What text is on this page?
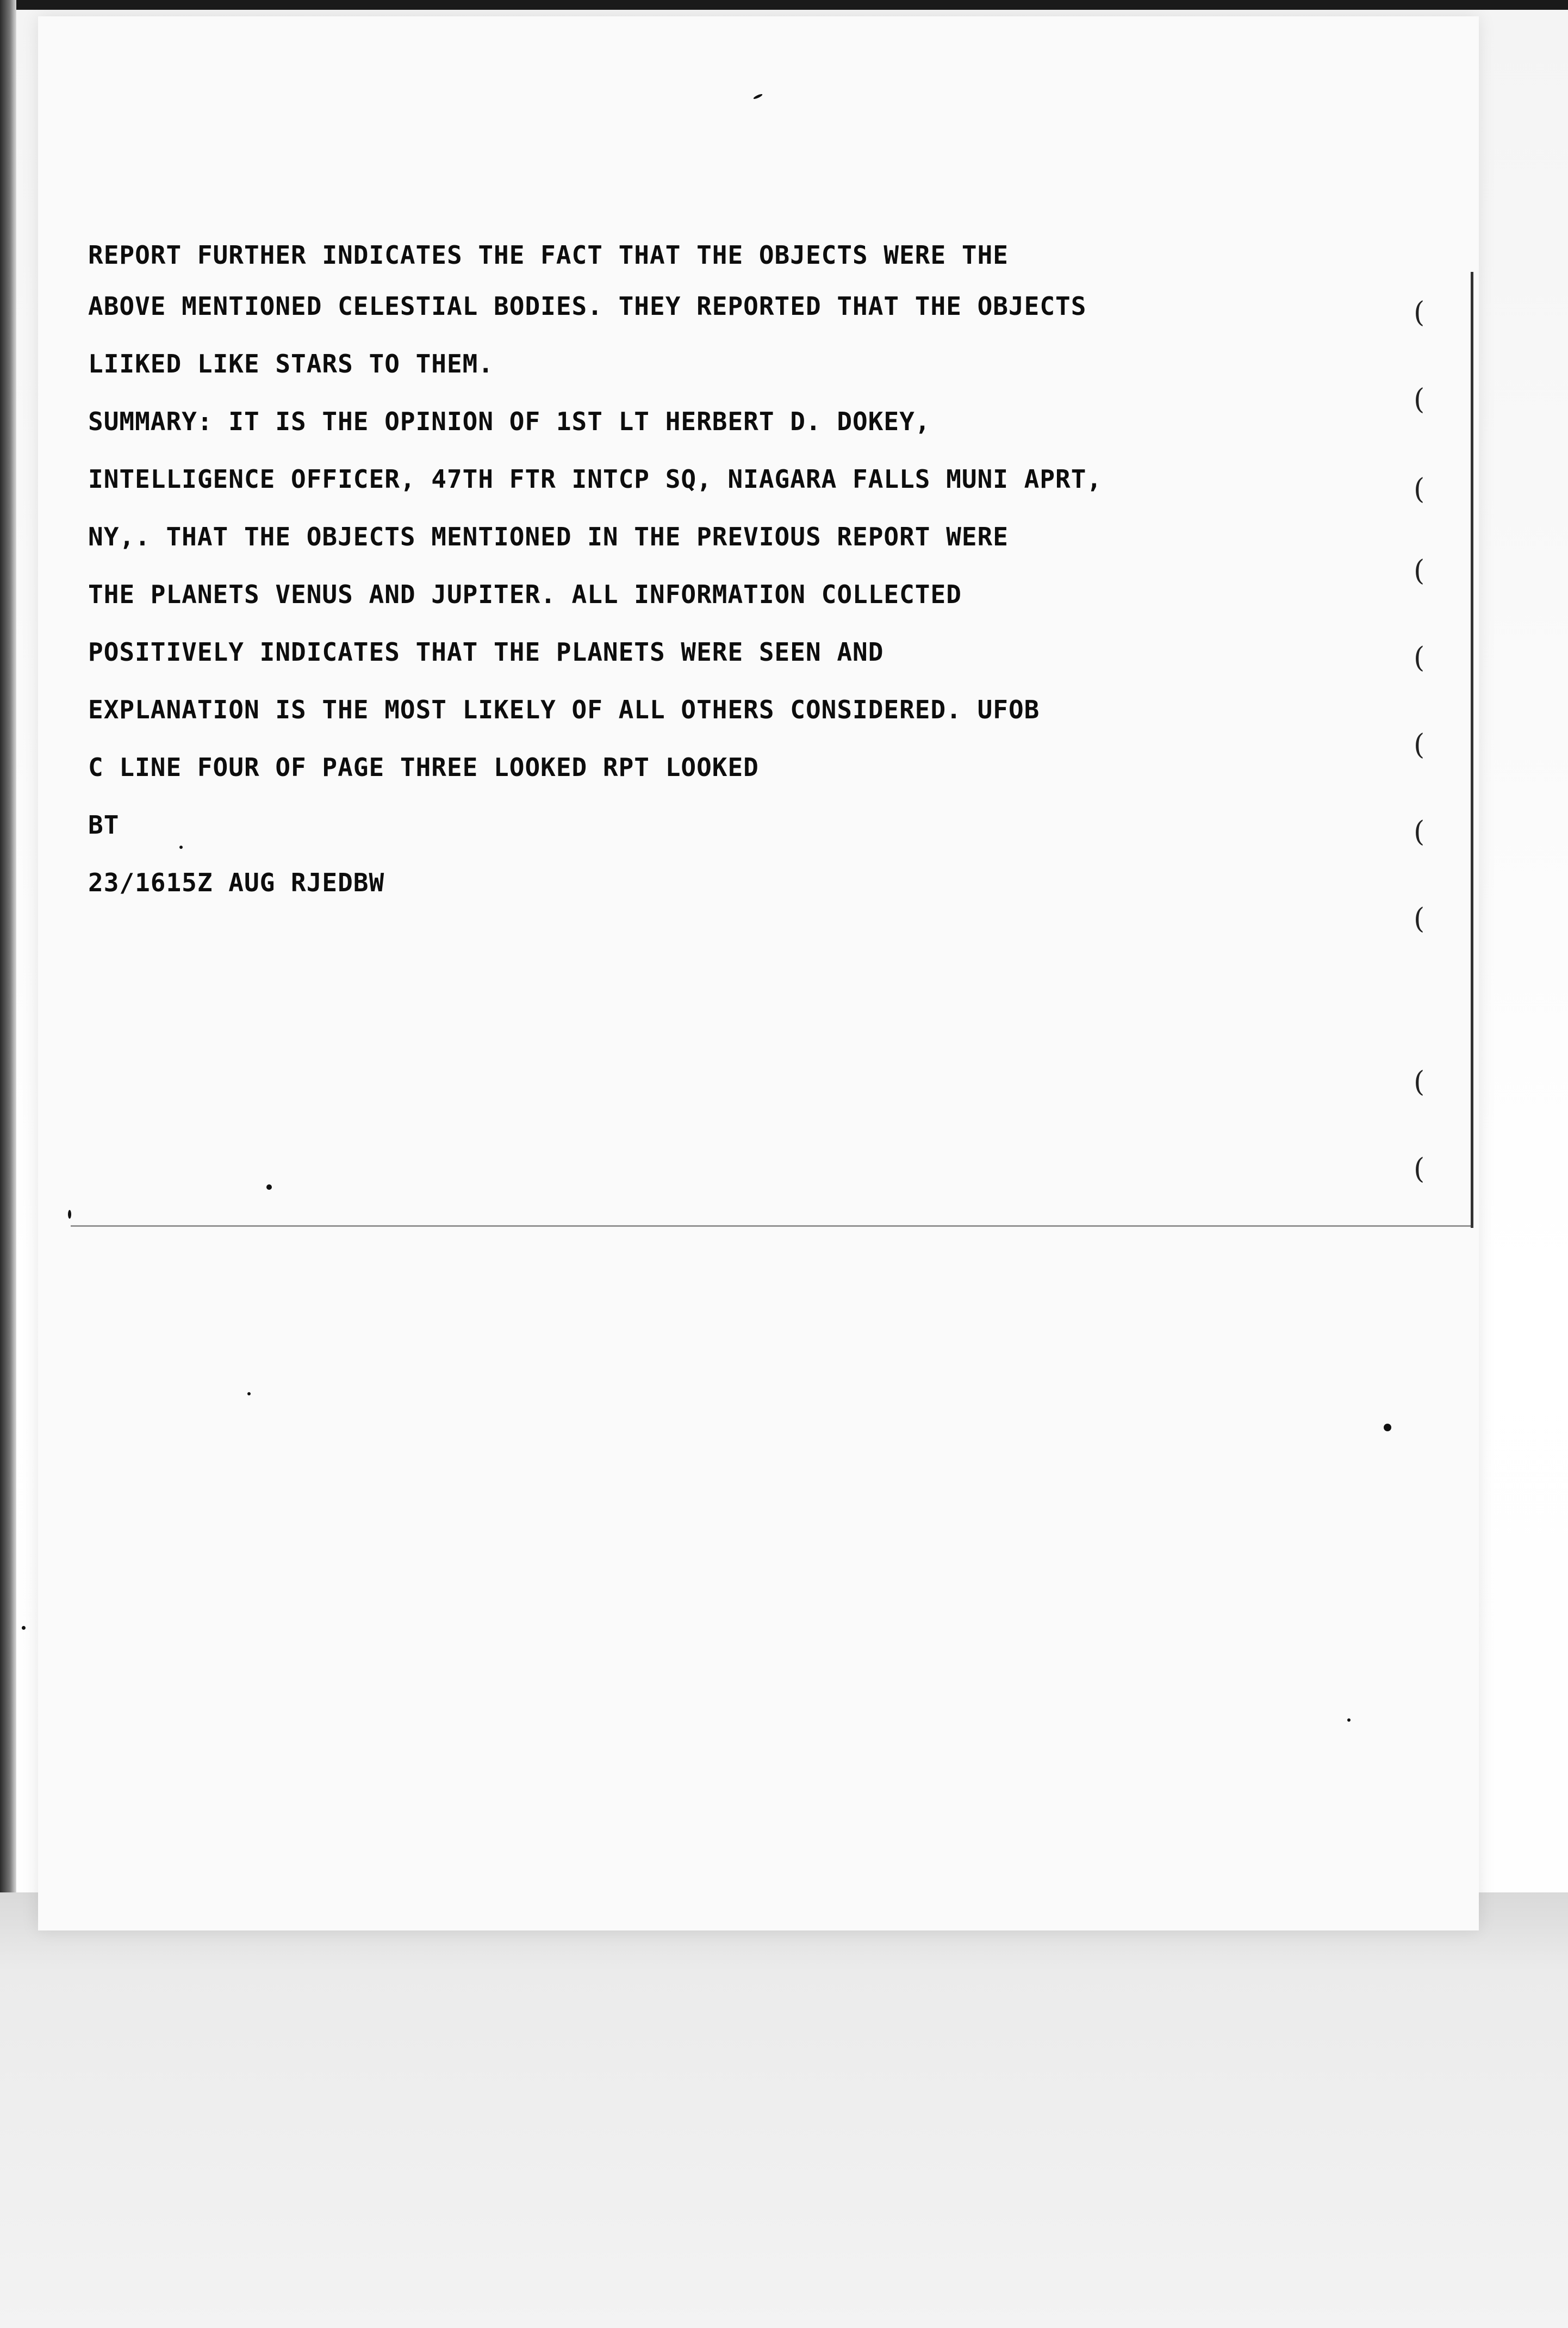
REPORT FURTHER INDICATES THE FACT THAT THE OBJECTS WERE THE
ABOVE MENTIONED CELESTIAL BODIES. THEY REPORTED THAT THE OBJECTS
LIIKED LIKE STARS TO THEM.
SUMMARY: IT IS THE OPINION OF 1ST LT HERBERT D. DOKEY,
INTELLIGENCE OFFICER, 47TH FTR INTCP SQ, NIAGARA FALLS MUNI APRT,
NY,. THAT THE OBJECTS MENTIONED IN THE PREVIOUS REPORT WERE
THE PLANETS VENUS AND JUPITER. ALL INFORMATION COLLECTED
POSITIVELY INDICATES THAT THE PLANETS WERE SEEN AND
EXPLANATION IS THE MOST LIKELY OF ALL OTHERS CONSIDERED. UFOB
C LINE FOUR OF PAGE THREE LOOKED RPT LOOKED
BT
23/1615Z AUG RJEDBW
(
(
(
(
(
(
(
(
(
(
